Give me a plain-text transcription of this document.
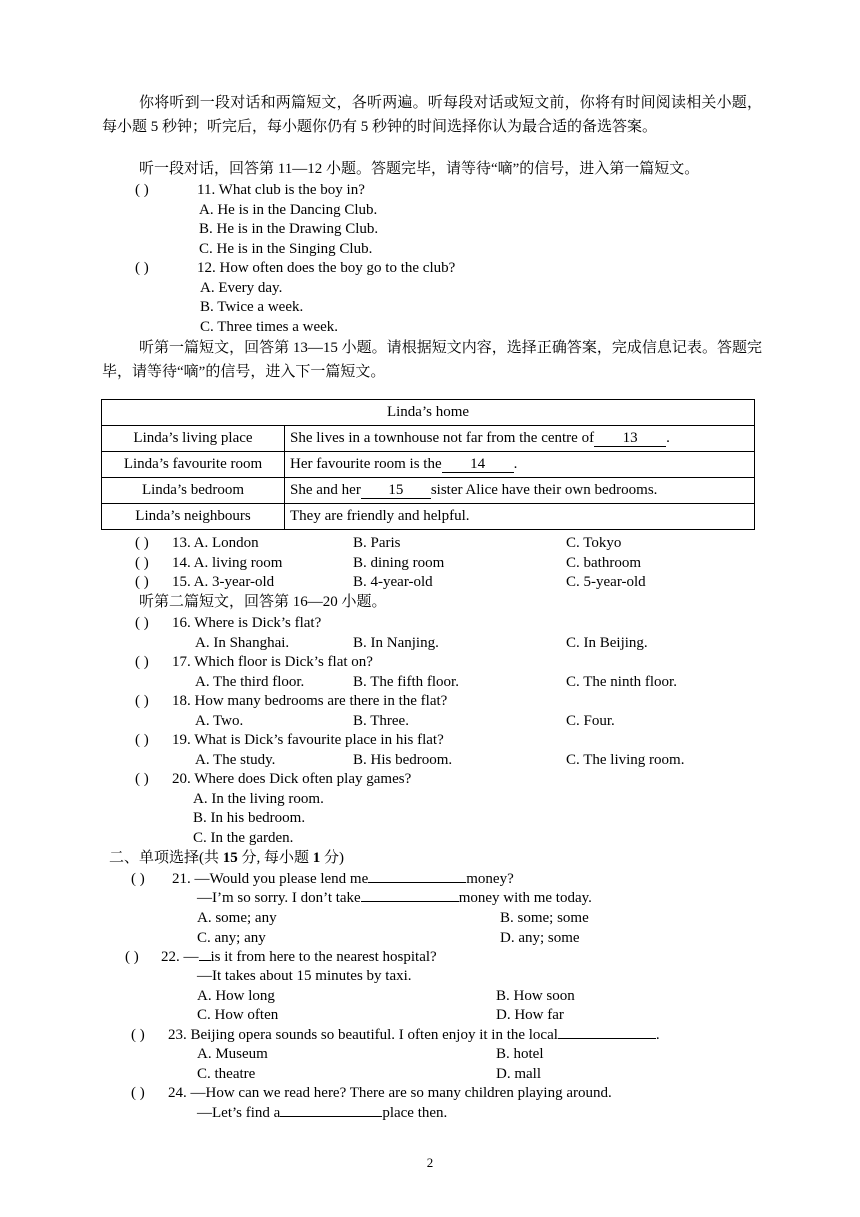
你将听到一段对话和两篇短文，各听两遍。听每段对话或短文前，你将有时间阅读相关小题，每小题 5 秒钟；听完后，每小题你仍有 5 秒钟的时间选择你认为最合适的备选答案。
听一段对话，回答第 11—12 小题。答题完毕，请等待“嘀”的信号，进入第一篇短文。
( )	11. What club is the boy in?
A. He is in the Dancing Club.
B. He is in the Drawing Club.
C. He is in the Singing Club.
( )	12. How often does the boy go to the club?
A. Every day.
B. Twice a week.
C. Three times a week.
听第一篇短文，回答第 13—15 小题。请根据短文内容，选择正确答案，完成信息记表。答题完毕，请等待“嘀”的信号，进入下一篇短文。
Linda’s home	
Linda’s living place	She lives in a townhouse not far from the centre of 13 .
Linda’s favourite room	Her favourite room is the 14 .
Linda’s bedroom	She and her 15 sister Alice have their own bedrooms.
Linda’s neighbours	They are friendly and helpful.
( ) 13. A. London	B. Paris	C. Tokyo
( ) 14. A. living room	B. dining room	C. bathroom
( ) 15. A. 3-year-old	B. 4-year-old	C. 5-year-old
听第二篇短文，回答第 16—20 小题。
( ) 16. Where is Dick’s flat?
A. In Shanghai.	B. In Nanjing.	C. In Beijing.
( ) 17. Which floor is Dick’s flat on?
A. The third floor.	B. The fifth floor.	C. The ninth floor.
( ) 18. How many bedrooms are there in the flat?
A. Two.	B. Three.	C. Four.
( ) 19. What is Dick’s favourite place in his flat?
A. The study.	B. His bedroom.	C. The living room.
( ) 20. Where does Dick often play games?
A. In the living room.
B. In his bedroom.
C. In the garden.
二、单项选择(共 15 分, 每小题 1 分)
( ) 21. —Would you please lend me	money?
—I’m so sorry. I don’t take	money with me today.
A. some; any	B. some; some
C. any; any	D. any; some
( ) 22. — is it from here to the nearest hospital?
—It takes about 15 minutes by taxi.
A. How long	B. How soon
C. How often	D. How far
( ) 23. Beijing opera sounds so beautiful. I often enjoy it in the local	.
A. Museum	B. hotel
C. theatre	D. mall
( ) 24. —How can we read here? There are so many children playing around.
—Let’s find a	place then.
2
